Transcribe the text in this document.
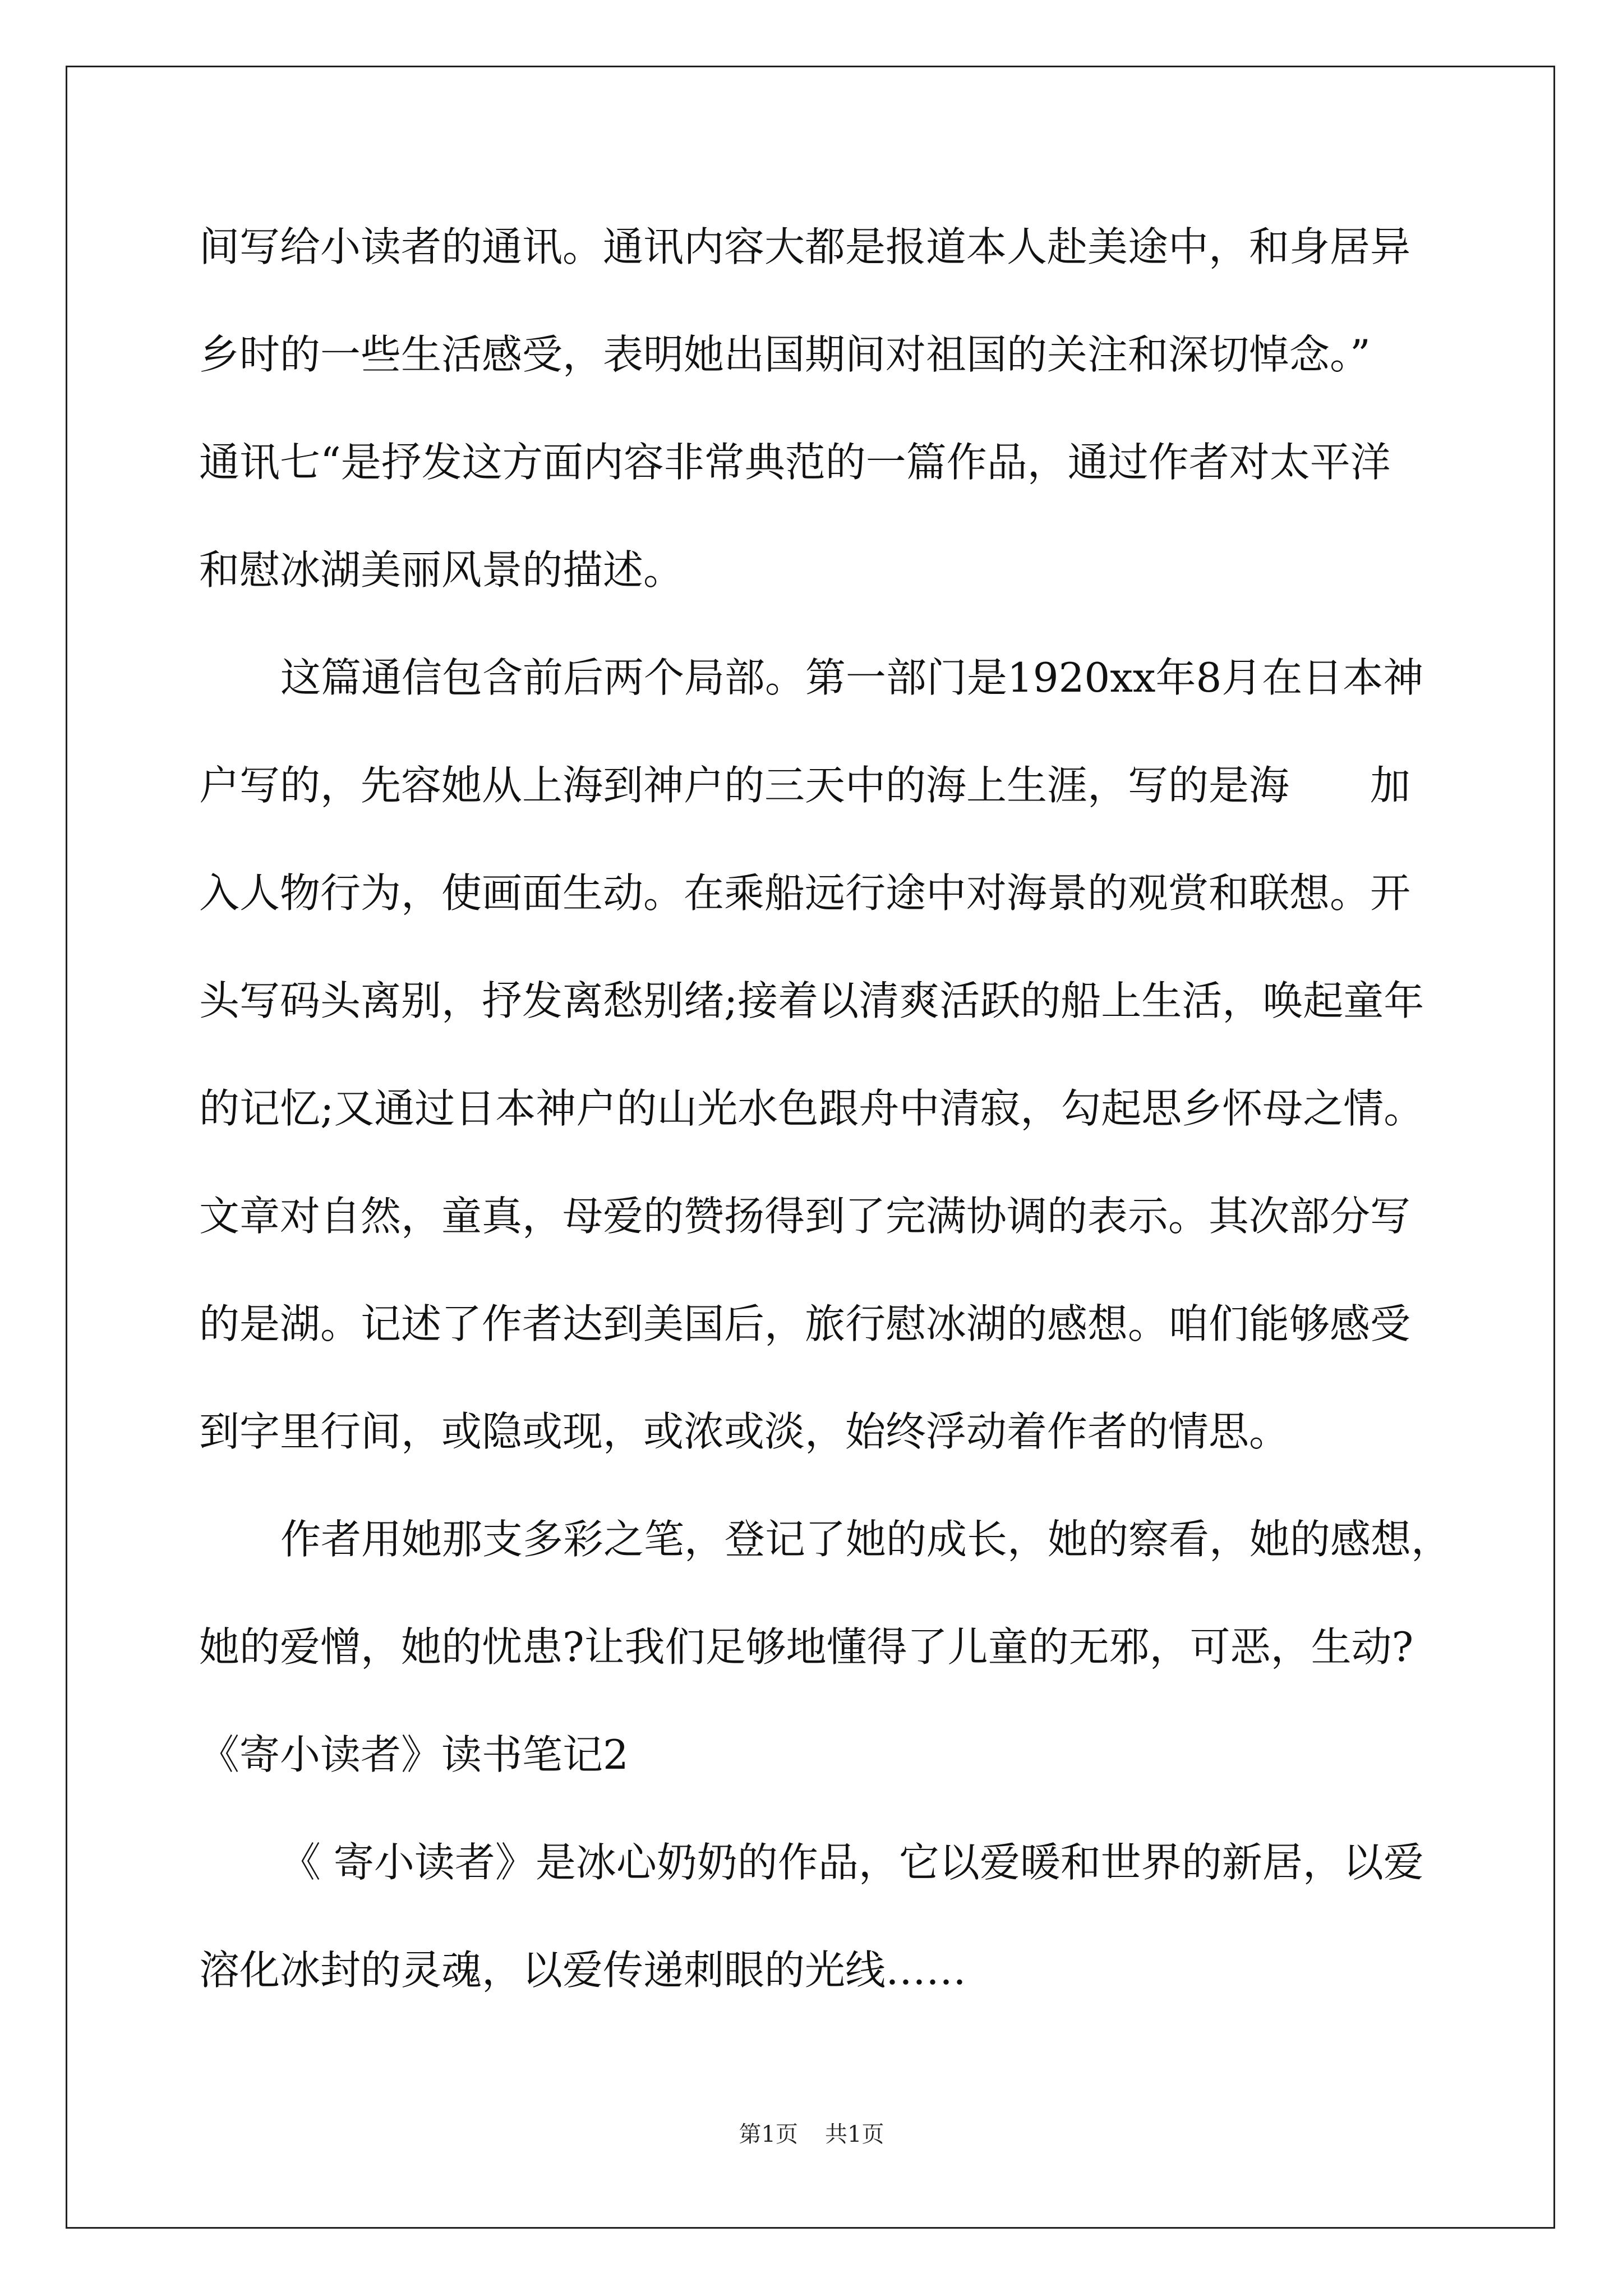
间写给小读者的通讯。通讯内容大都是报道本人赴美途中，和身居异
乡时的一些生活感受，表明她出国期间对祖国的关注和深切悼念。”
通讯七“是抒发这方面内容非常典范的一篇作品，通过作者对太平洋
和慰冰湖美丽风景的描述。
这篇通信包含前后两个局部。第一部门是1920xx年8月在日本神
户写的，先容她从上海到神户的三天中的海上生涯，写的是海　　加
入人物行为，使画面生动。在乘船远行途中对海景的观赏和联想。开
头写码头离别，抒发离愁别绪;接着以清爽活跃的船上生活，唤起童年
的记忆;又通过日本神户的山光水色跟舟中清寂，勾起思乡怀母之情。
文章对自然，童真，母爱的赞扬得到了完满协调的表示。其次部分写
的是湖。记述了作者达到美国后，旅行慰冰湖的感想。咱们能够感受
到字里行间，或隐或现，或浓或淡，始终浮动着作者的情思。
作者用她那支多彩之笔，登记了她的成长，她的察看，她的感想，
她的爱憎，她的忧患?让我们足够地懂得了儿童的无邪，可恶，生动?
《寄小读者》读书笔记2
《 寄小读者》是冰心奶奶的作品，它以爱暖和世界的新居，以爱
溶化冰封的灵魂，以爱传递刺眼的光线……
第1页 共1页
